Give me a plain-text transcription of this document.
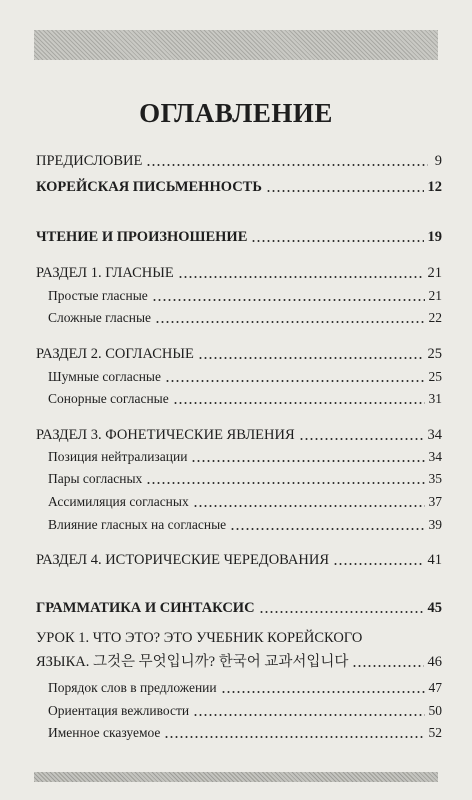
ОГЛАВЛЕНИЕ
ПРЕДИСЛОВИЕ	9
КОРЕЙСКАЯ ПИСЬМЕННОСТЬ	12
ЧТЕНИЕ И ПРОИЗНОШЕНИЕ	19
РАЗДЕЛ 1. ГЛАСНЫЕ	21
Простые гласные	21
Сложные гласные	22
РАЗДЕЛ 2. СОГЛАСНЫЕ	25
Шумные согласные	25
Сонорные согласные	31
РАЗДЕЛ 3. ФОНЕТИЧЕСКИЕ ЯВЛЕНИЯ	34
Позиция нейтрализации	34
Пары согласных	35
Ассимиляция согласных	37
Влияние гласных на согласные	39
РАЗДЕЛ 4. ИСТОРИЧЕСКИЕ ЧЕРЕДОВАНИЯ	41
ГРАММАТИКА И СИНТАКСИС	45
УРОК 1. ЧТО ЭТО? ЭТО УЧЕБНИК КОРЕЙСКОГО
ЯЗЫКА. 그것은 무엇입니까? 한국어 교과서입니다	46
Порядок слов в предложении	47
Ориентация вежливости	50
Именное сказуемое	52
